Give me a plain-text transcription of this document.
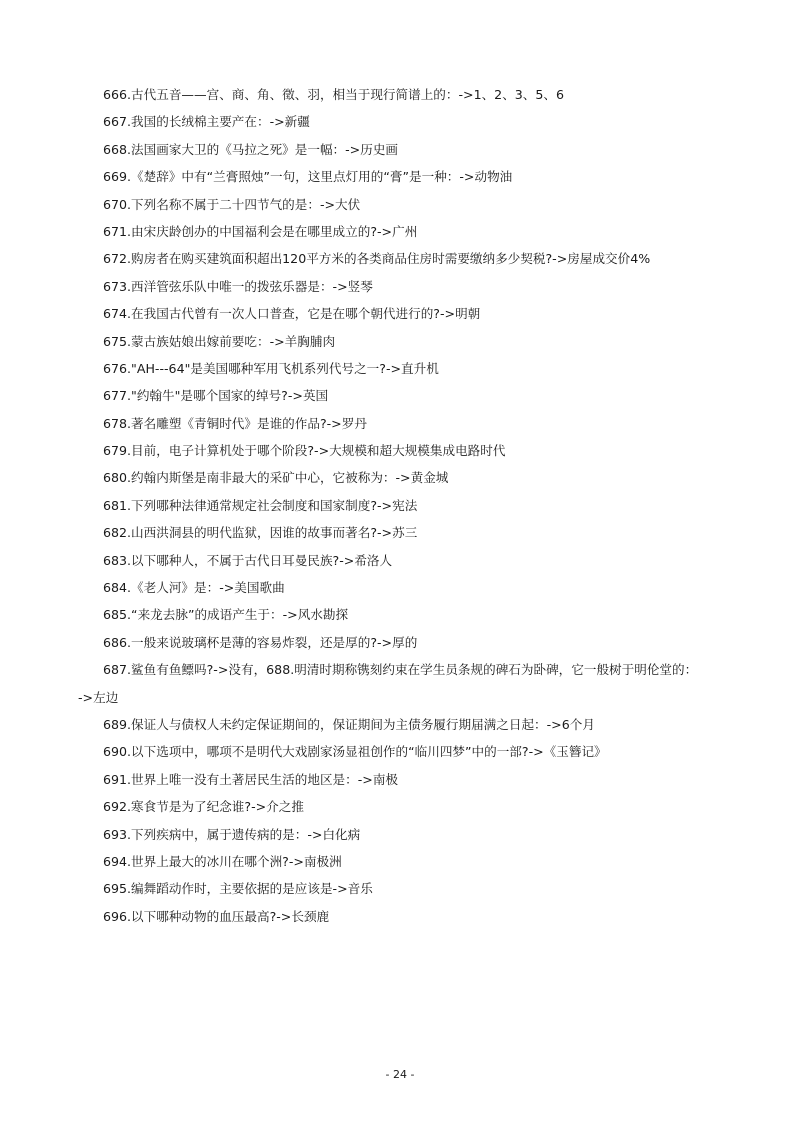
666.古代五音——宫、商、角、徵、羽，相当于现行简谱上的：->1、2、3、5、6
667.我国的长绒棉主要产在：->新疆
668.法国画家大卫的《马拉之死》是一幅：->历史画
669.《楚辞》中有“兰膏照烛”一句，这里点灯用的“膏”是一种：->动物油
670.下列名称不属于二十四节气的是：->大伏
671.由宋庆龄创办的中国福利会是在哪里成立的?->广州
672.购房者在购买建筑面积超出120平方米的各类商品住房时需要缴纳多少契税?->房屋成交价4%
673.西洋管弦乐队中唯一的拨弦乐器是：->竖琴
674.在我国古代曾有一次人口普查，它是在哪个朝代进行的?->明朝
675.蒙古族姑娘出嫁前要吃：->羊胸脯肉
676."AH---64"是美国哪种军用飞机系列代号之一?->直升机
677."约翰牛"是哪个国家的绰号?->英国
678.著名雕塑《青铜时代》是谁的作品?->罗丹
679.目前，电子计算机处于哪个阶段?->大规模和超大规模集成电路时代
680.约翰内斯堡是南非最大的采矿中心，它被称为：->黄金城
681.下列哪种法律通常规定社会制度和国家制度?->宪法
682.山西洪洞县的明代监狱，因谁的故事而著名?->苏三
683.以下哪种人，不属于古代日耳曼民族?->希洛人
684.《老人河》是：->美国歌曲
685.“来龙去脉”的成语产生于：->风水勘探
686.一般来说玻璃杯是薄的容易炸裂，还是厚的?->厚的
687.鲨鱼有鱼鳔吗?->没有，688.明清时期称镌刻约束在学生员条规的碑石为卧碑，它一般树于明伦堂的：
->左边
689.保证人与债权人未约定保证期间的，保证期间为主债务履行期届满之日起：->6个月
690.以下选项中，哪项不是明代大戏剧家汤显祖创作的“临川四梦”中的一部?->《玉簪记》
691.世界上唯一没有土著居民生活的地区是：->南极
692.寒食节是为了纪念谁?->介之推
693.下列疾病中，属于遗传病的是：->白化病
694.世界上最大的冰川在哪个洲?->南极洲
695.编舞蹈动作时，主要依据的是应该是->音乐
696.以下哪种动物的血压最高?->长颈鹿
- 24 -
